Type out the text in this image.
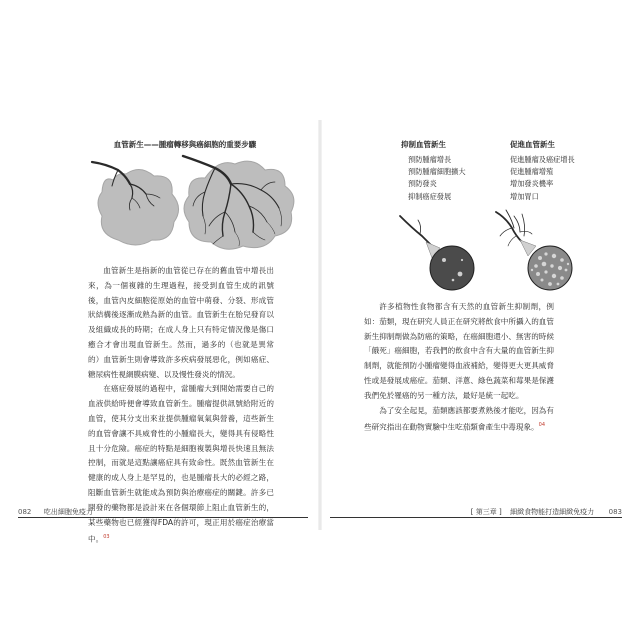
血管新生——腫瘤轉移與癌細胞的重要步驟

血管新生是指新的血管從已存在的舊血管中增長出來，為一個複雜的生理過程，接受到血管生成的訊號後，血管內皮細胞從原始的血管中萌發、分裂、形成管狀結構後逐漸成熟為新的血管。血管新生在胎兒發育以及組織成長的時期；在成人身上只有特定情況像是傷口癒合才會出現血管新生。然而，過多的（也就是異常的）血管新生則會導致許多疾病發展惡化，例如癌症、糖尿病性視網膜病變、以及慢性發炎的情況。

在癌症發展的過程中，當腫瘤大到開始需要自己的血液供給時便會導致血管新生。腫瘤提供訊號給附近的血管，使其分支出來並提供腫瘤氧氣與營養，這些新生的血管會讓不具威脅性的小腫瘤長大，變得具有侵略性且十分危險。癌症的特點是細胞複製與增長快速且無法控制，而就是這點讓癌症具有致命性。既然血管新生在健康的成人身上是罕見的，也是腫瘤長大的必經之路，阻斷血管新生就能成為預防與治療癌症的關鍵。許多已開發的藥物都是設計來在各個環節上阻止血管新生的，某些藥物也已經獲得FDA的許可，現正用於癌症治療當中。$^{03}$

082 吃出細胞免疫力
抑制血管新生
預防腫瘤增長
預防腫瘤細胞擴大
預防發炎
抑制癌症發展
促進血管新生
促進腫瘤及癌症增長
促進腫瘤增殖
增加發炎機率
增加胃口

許多植物性食物都含有天然的血管新生抑制劑，例如：茄類，現在研究人員正在研究將飲食中所攝入的血管新生抑制劑做為防癌的策略，在癌細胞還小、無害的時候「餓死」癌細胞，若我們的飲食中含有大量的血管新生抑制劑，就能預防小腫瘤變得血液補給，變得更大更具威脅性或是發展成癌症。茄類、洋蔥、綠色蔬菜和莓果是保護我們免於罹癌的另一種方法，最好是統一起吃。

為了安全起見，茄類應該都要煮熟後才能吃，因為有些研究指出在動物實驗中生吃茄類會產生中毒現象。$^{04}$

[ 第三章 ] 細緻食物能打造細緻免疫力 083
